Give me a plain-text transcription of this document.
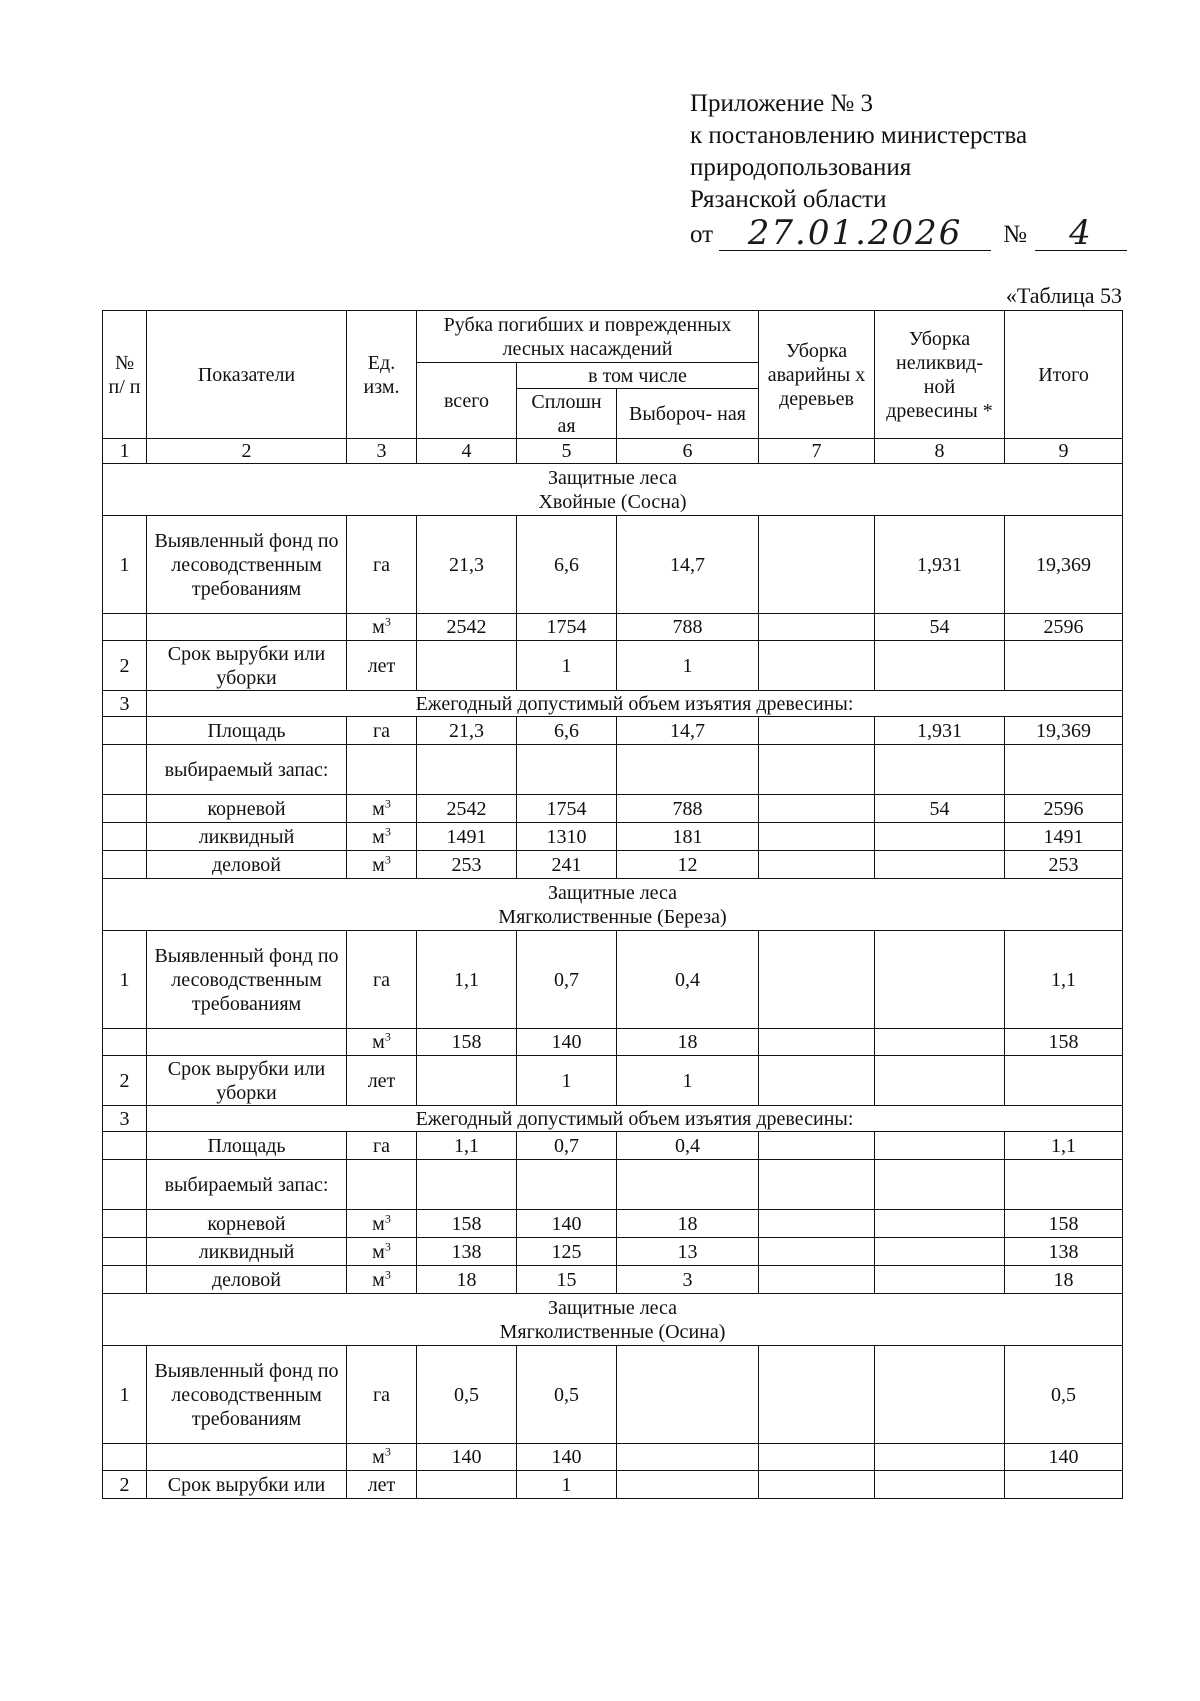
Приложение № 3
к постановлению министерства
природопользования
Рязанской области
от	27.01.2026	№	4
«Таблица 53
№ п/ п	Показатели	Ед. изм.	Рубка погибших и поврежденных лесных насаждений			Уборка аварийны х деревьев	Уборка неликвид- ной древесины *	Итого
			всего	в том числе				
				Сплошн ая	Выбороч- ная			
1	2	3	4	5	6	7	8	9

Защитные леса
Хвойные (Сосна)								

1	Выявленный фонд по лесоводственным требованиям	га	21,3	6,6	14,7		1,931	19,369
		$м^3$	2542	1754	788		54	2596
2	Срок вырубки или уборки	лет		1	1			
3	Ежегодный допустимый объем изъятия древесины:							
	Площадь	га	21,3	6,6	14,7		1,931	19,369
	выбираемый запас:							
	корневой	$м^3$	2542	1754	788		54	2596
	ликвидный	$м^3$	1491	1310	181			1491
	деловой	$м^3$	253	241	12			253

Защитные леса
Мягколиственные (Береза)								

1	Выявленный фонд по лесоводственным требованиям	га	1,1	0,7	0,4			1,1
		$м^3$	158	140	18			158
2	Срок вырубки или уборки	лет		1	1			
3	Ежегодный допустимый объем изъятия древесины:							
	Площадь	га	1,1	0,7	0,4			1,1
	выбираемый запас:							
	корневой	$м^3$	158	140	18			158
	ликвидный	$м^3$	138	125	13			138
	деловой	$м^3$	18	15	3			18

Защитные леса
Мягколиственные (Осина)								

1	Выявленный фонд по лесоводственным требованиям	га	0,5	0,5				0,5
		$м^3$	140	140				140
2	Срок вырубки или	лет		1				
